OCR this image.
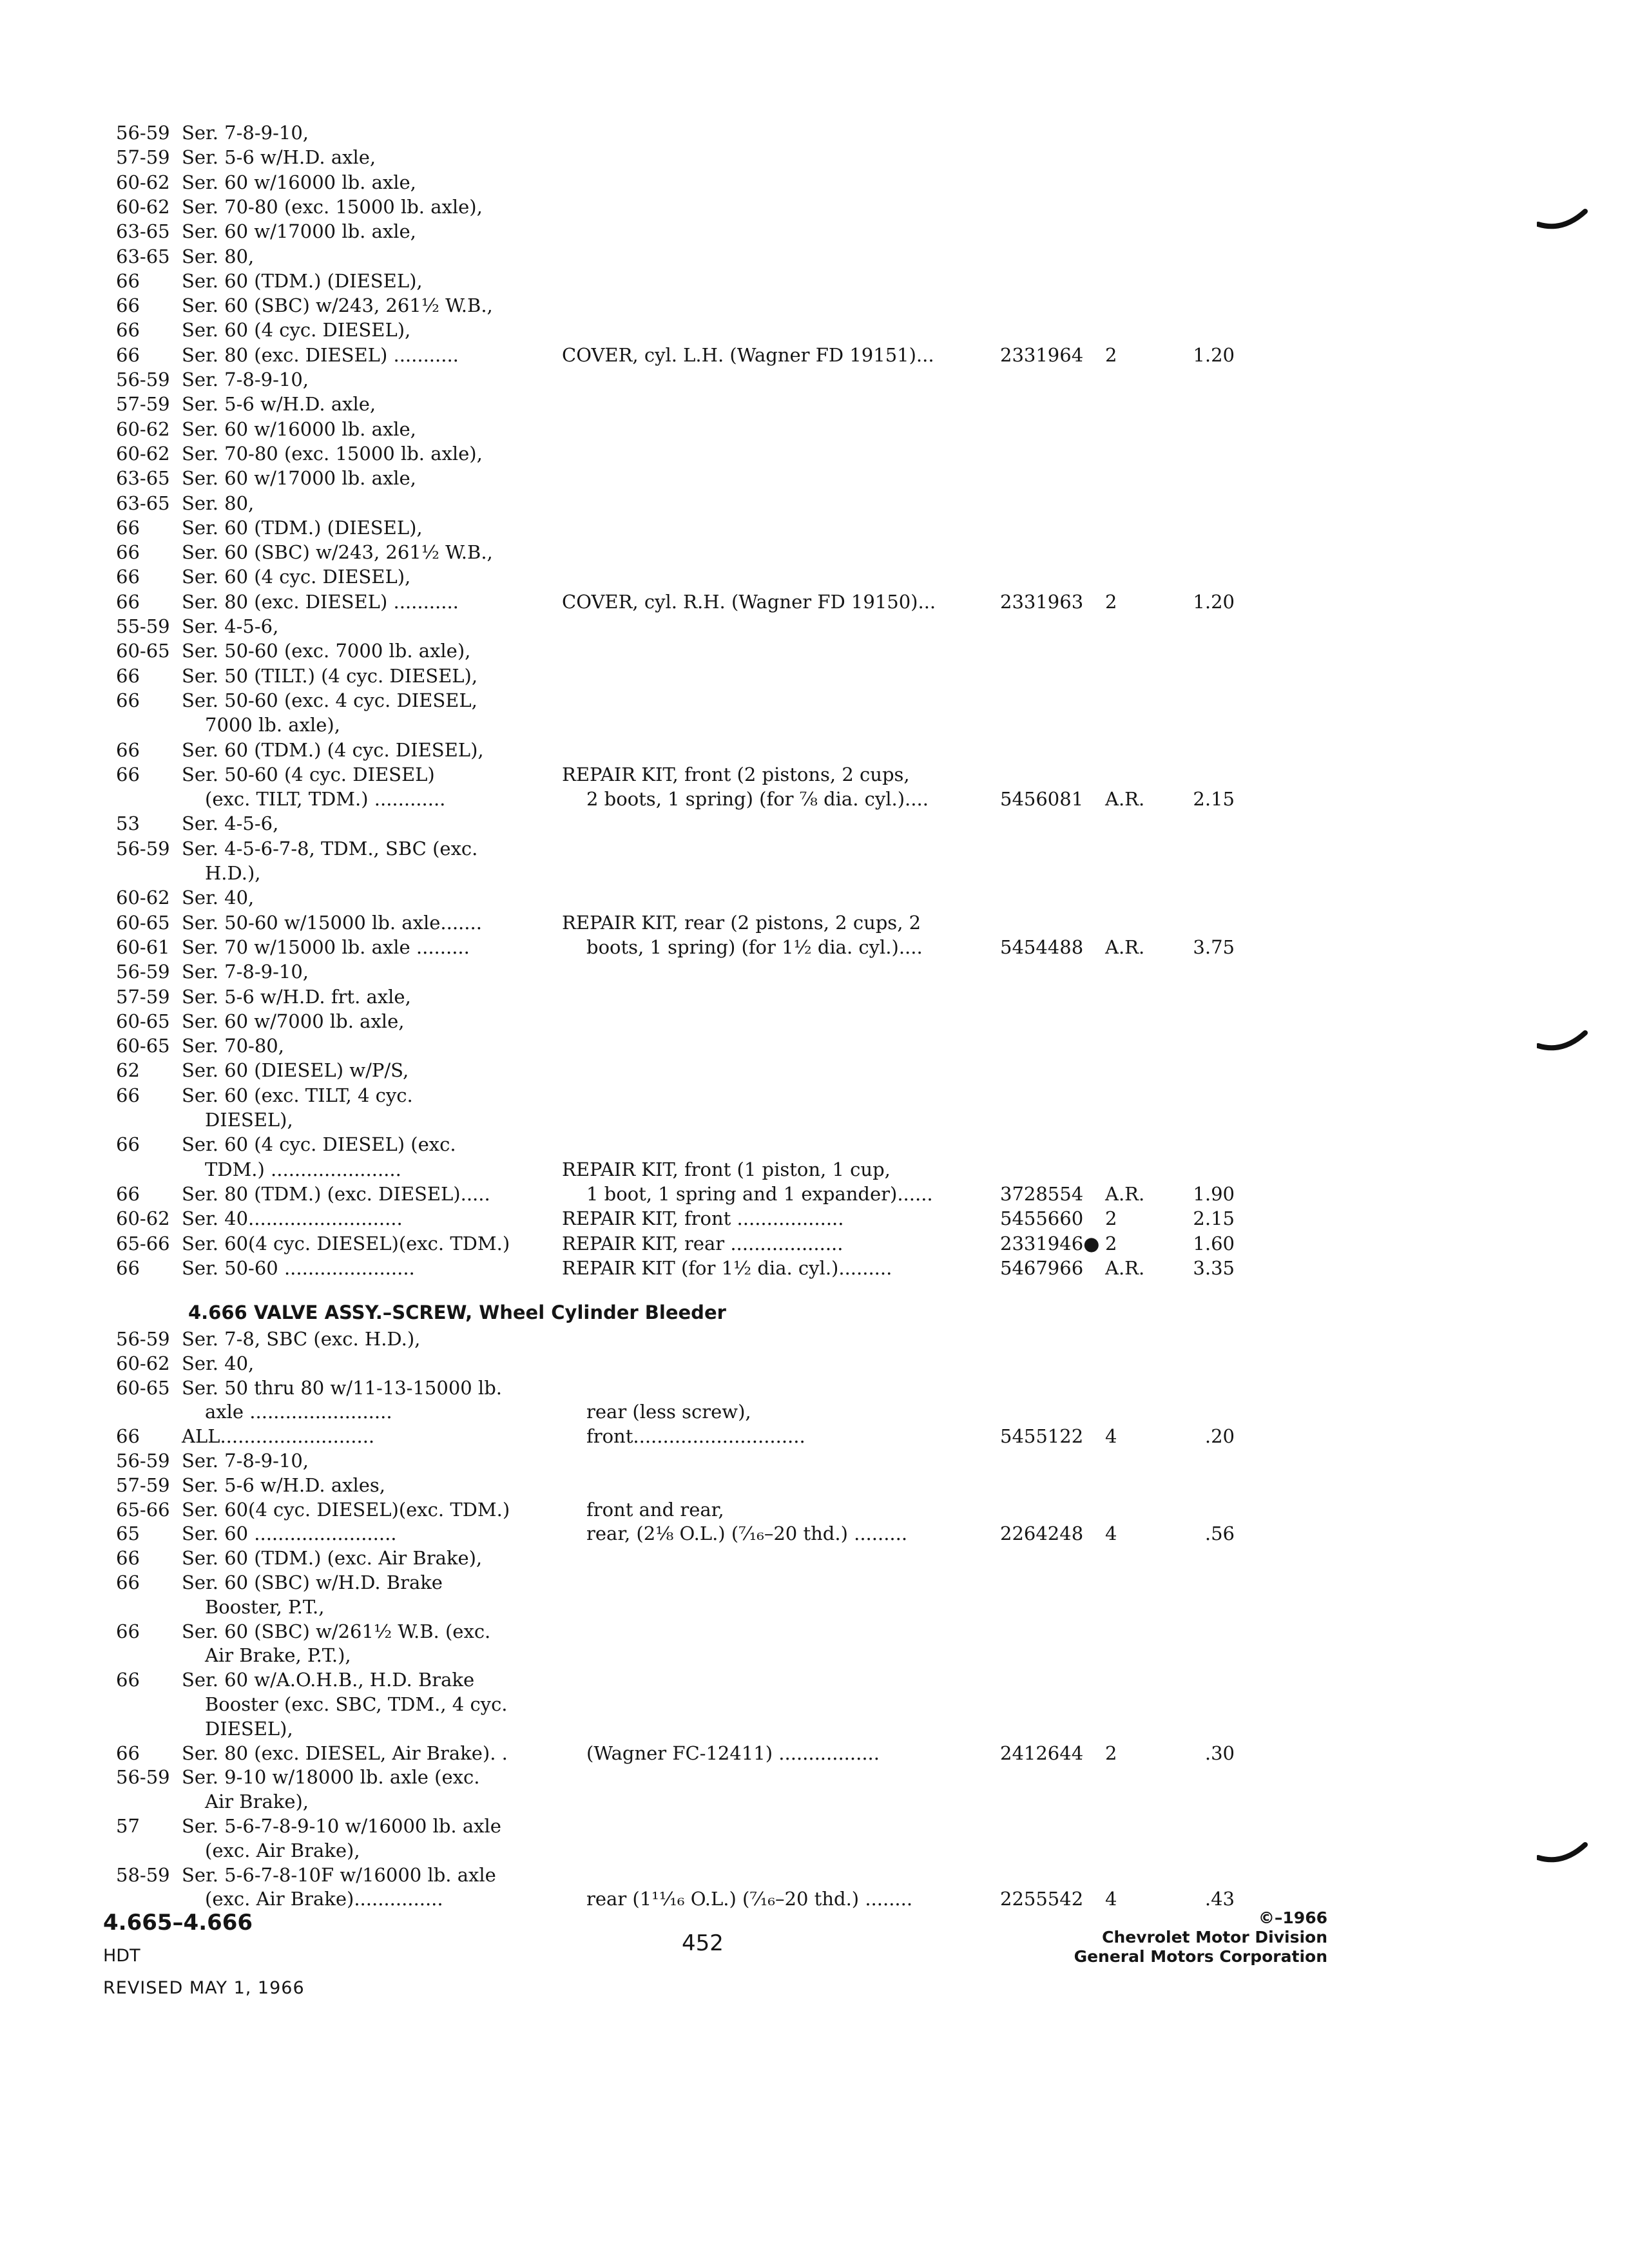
56-59 Ser. 7-8-9-10,
57-59 Ser. 5-6 w/H.D. axle,
60-62 Ser. 60 w/16000 lb. axle,
60-62 Ser. 70-80 (exc. 15000 lb. axle),
63-65 Ser. 60 w/17000 lb. axle,
63-65 Ser. 80,
66 Ser. 60 (TDM.) (DIESEL),
66 Ser. 60 (SBC) w/243, 261½ W.B.,
66 Ser. 60 (4 cyc. DIESEL),
66 Ser. 80 (exc. DIESEL) ...........	COVER, cyl. L.H. (Wagner FD 19151)...	2331964 2	1.20
56-59 Ser. 7-8-9-10,
57-59 Ser. 5-6 w/H.D. axle,
60-62 Ser. 60 w/16000 lb. axle,
60-62 Ser. 70-80 (exc. 15000 lb. axle),
63-65 Ser. 60 w/17000 lb. axle,
63-65 Ser. 80,
66 Ser. 60 (TDM.) (DIESEL),
66 Ser. 60 (SBC) w/243, 261½ W.B.,
66 Ser. 60 (4 cyc. DIESEL),
66 Ser. 80 (exc. DIESEL) ...........	COVER, cyl. R.H. (Wagner FD 19150)...	2331963 2	1.20
55-59 Ser. 4-5-6,
60-65 Ser. 50-60 (exc. 7000 lb. axle),
66 Ser. 50 (TILT.) (4 cyc. DIESEL),
66 Ser. 50-60 (exc. 4 cyc. DIESEL,
7000 lb. axle),
66 Ser. 60 (TDM.) (4 cyc. DIESEL),
66 Ser. 50-60 (4 cyc. DIESEL)	REPAIR KIT, front (2 pistons, 2 cups,
(exc. TILT, TDM.) ............	2 boots, 1 spring) (for ⅞ dia. cyl.)....	5456081 A.R.	2.15
53 Ser. 4-5-6,
56-59 Ser. 4-5-6-7-8, TDM., SBC (exc.
H.D.),
60-62 Ser. 40,
60-65 Ser. 50-60 w/15000 lb. axle.......	REPAIR KIT, rear (2 pistons, 2 cups, 2
60-61 Ser. 70 w/15000 lb. axle .........	boots, 1 spring) (for 1½ dia. cyl.)....	5454488 A.R.	3.75
56-59 Ser. 7-8-9-10,
57-59 Ser. 5-6 w/H.D. frt. axle,
60-65 Ser. 60 w/7000 lb. axle,
60-65 Ser. 70-80,
62 Ser. 60 (DIESEL) w/P/S,
66 Ser. 60 (exc. TILT, 4 cyc.
DIESEL),
66 Ser. 60 (4 cyc. DIESEL) (exc.
TDM.) ......................	REPAIR KIT, front (1 piston, 1 cup,
66 Ser. 80 (TDM.) (exc. DIESEL).....	1 boot, 1 spring and 1 expander)......	3728554 A.R.	1.90
60-62 Ser. 40..........................	REPAIR KIT, front ..................	5455660 2	2.15
65-66 Ser. 60(4 cyc. DIESEL)(exc. TDM.)	REPAIR KIT, rear ...................	2331946● 2	1.60
66 Ser. 50-60 ......................	REPAIR KIT (for 1½ dia. cyl.).........	5467966 A.R.	3.35
4.666 VALVE ASSY.–SCREW, Wheel Cylinder Bleeder
56-59 Ser. 7-8, SBC (exc. H.D.),
60-62 Ser. 40,
60-65 Ser. 50 thru 80 w/11-13-15000 lb.
axle ........................	rear (less screw),
66 ALL..........................	front.............................	5455122 4	.20
56-59 Ser. 7-8-9-10,
57-59 Ser. 5-6 w/H.D. axles,
65-66 Ser. 60(4 cyc. DIESEL)(exc. TDM.)	front and rear,
65 Ser. 60 ........................	rear, (2⅛ O.L.) (⁷⁄₁₆–20 thd.) .........	2264248 4	.56
66 Ser. 60 (TDM.) (exc. Air Brake),
66 Ser. 60 (SBC) w/H.D. Brake
Booster, P.T.,
66 Ser. 60 (SBC) w/261½ W.B. (exc.
Air Brake, P.T.),
66 Ser. 60 w/A.O.H.B., H.D. Brake
Booster (exc. SBC, TDM., 4 cyc.
DIESEL),
66 Ser. 80 (exc. DIESEL, Air Brake). .	(Wagner FC-12411) .................	2412644 2	.30
56-59 Ser. 9-10 w/18000 lb. axle (exc.
Air Brake),
57 Ser. 5-6-7-8-9-10 w/16000 lb. axle
(exc. Air Brake),
58-59 Ser. 5-6-7-8-10F w/16000 lb. axle
(exc. Air Brake)...............	rear (1¹¹⁄₁₆ O.L.) (⁷⁄₁₆–20 thd.) ........	2255542 4	.43
4.665–4.666
HDT
REVISED MAY 1, 1966
452
©–1966
Chevrolet Motor Division
General Motors Corporation
